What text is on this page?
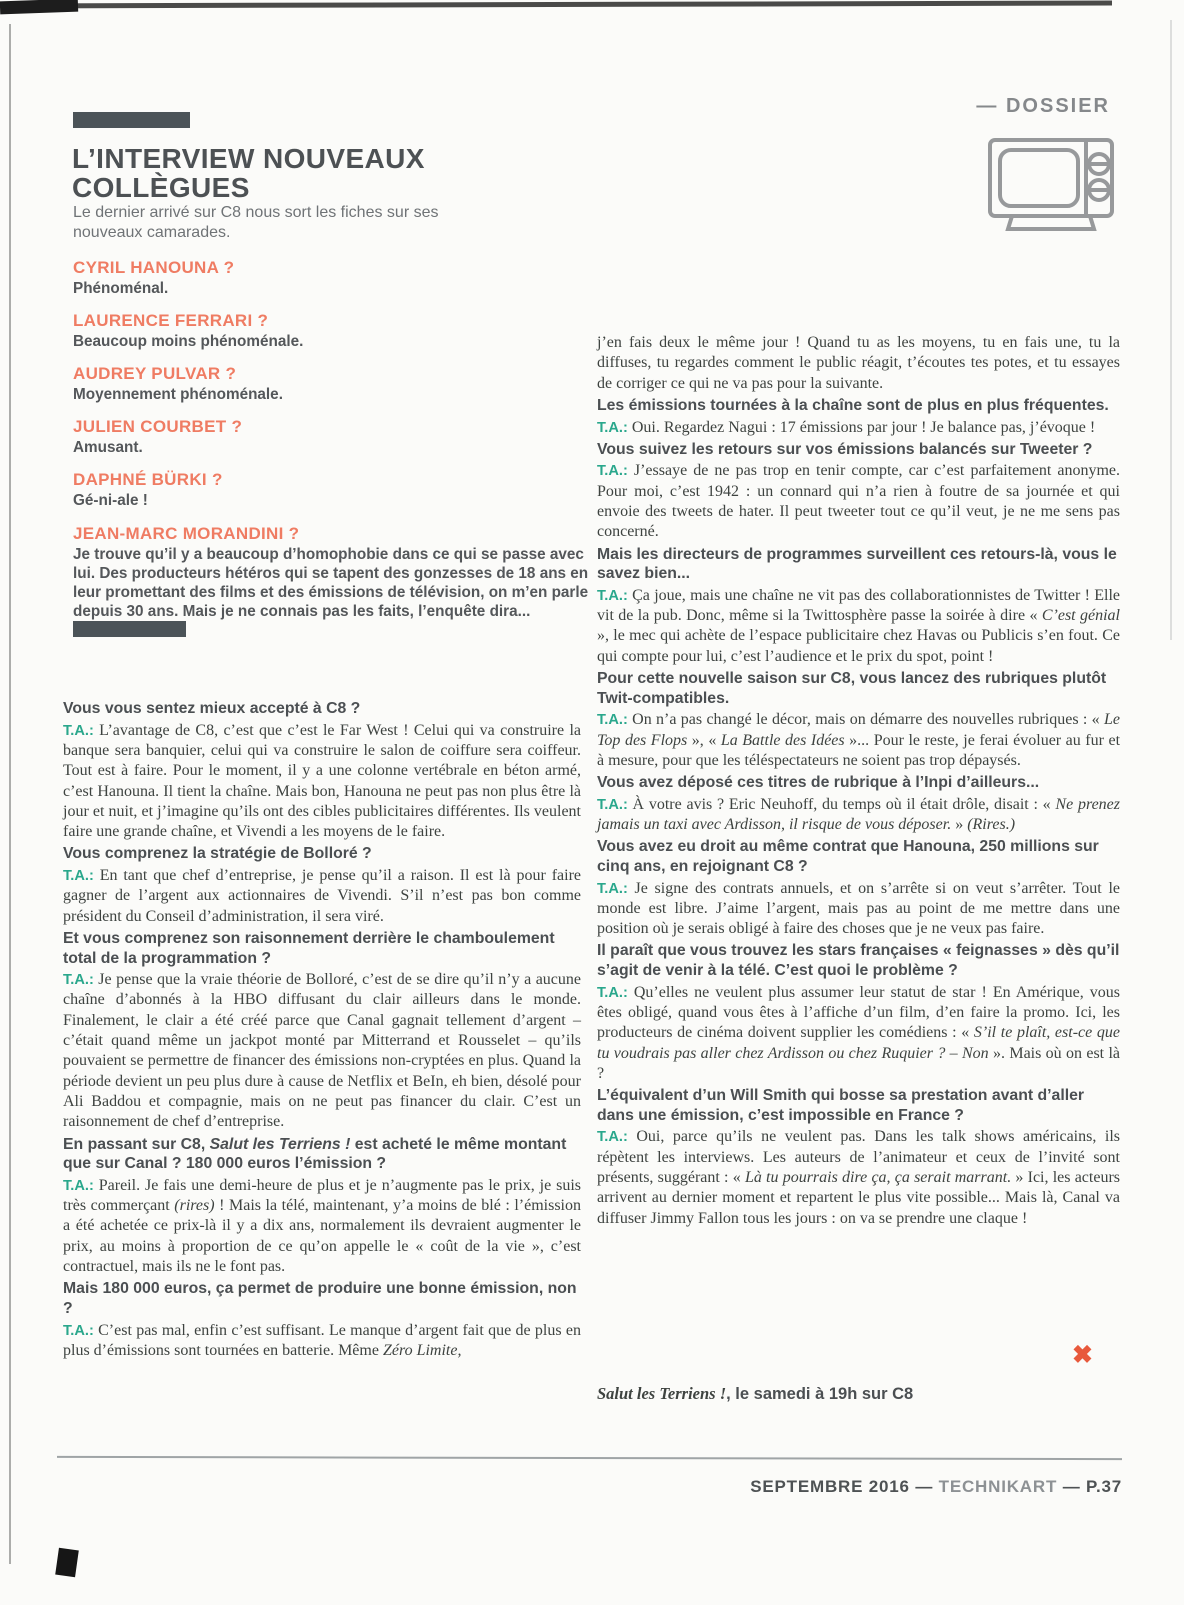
— DOSSIER
L’INTERVIEW NOUVEAUX COLLÈGUES

Le dernier arrivé sur C8 nous sort les fiches sur ses nouveaux camarades.

CYRIL HANOUNA ?

Phénoménal.

LAURENCE FERRARI ?

Beaucoup moins phénoménale.

AUDREY PULVAR ?

Moyennement phénoménale.

JULIEN COURBET ?

Amusant.

DAPHNÉ BÜRKI ?

Gé-ni-ale !

JEAN-MARC MORANDINI ?

Je trouve qu’il y a beaucoup d’homophobie dans ce qui se passe avec lui. Des producteurs hétéros qui se tapent des gonzesses de 18 ans en leur promettant des films et des émissions de télévision, on m’en parle depuis 30 ans. Mais je ne connais pas les faits, l’enquête dira...

Vous vous sentez mieux accepté à C8 ?

T.A.: L’avantage de C8, c’est que c’est le Far West ! Celui qui va construire la banque sera banquier, celui qui va construire le salon de coiffure sera coiffeur. Tout est à faire. Pour le moment, il y a une colonne vertébrale en béton armé, c’est Hanouna. Il tient la chaîne. Mais bon, Hanouna ne peut pas non plus être là jour et nuit, et j’imagine qu’ils ont des cibles publicitaires différentes. Ils veulent faire une grande chaîne, et Vivendi a les moyens de le faire.

Vous comprenez la stratégie de Bolloré ?

T.A.: En tant que chef d’entreprise, je pense qu’il a raison. Il est là pour faire gagner de l’argent aux actionnaires de Vivendi. S’il n’est pas bon comme président du Conseil d’administration, il sera viré.

Et vous comprenez son raisonnement derrière le chamboulement total de la programmation ?

T.A.: Je pense que la vraie théorie de Bolloré, c’est de se dire qu’il n’y a aucune chaîne d’abonnés à la HBO diffusant du clair ailleurs dans le monde. Finalement, le clair a été créé parce que Canal gagnait tellement d’argent – c’était quand même un jackpot monté par Mitterrand et Rousselet – qu’ils pouvaient se permettre de financer des émissions non-cryptées en plus. Quand la période devient un peu plus dure à cause de Netflix et BeIn, eh bien, désolé pour Ali Baddou et compagnie, mais on ne peut pas financer du clair. C’est un raisonnement de chef d’entreprise.

En passant sur C8, Salut les Terriens ! est acheté le même montant que sur Canal ? 180 000 euros l’émission ?

T.A.: Pareil. Je fais une demi-heure de plus et je n’augmente pas le prix, je suis très commerçant (rires) ! Mais la télé, maintenant, y’a moins de blé : l’émission a été achetée ce prix-là il y a dix ans, normalement ils devraient augmenter le prix, au moins à proportion de ce qu’on appelle le « coût de la vie », c’est contractuel, mais ils ne le font pas.

Mais 180 000 euros, ça permet de produire une bonne émission, non ?

T.A.: C’est pas mal, enfin c’est suffisant. Le manque d’argent fait que de plus en plus d’émissions sont tournées en batterie. Même Zéro Limite,

j’en fais deux le même jour ! Quand tu as les moyens, tu en fais une, tu la diffuses, tu regardes comment le public réagit, t’écoutes tes potes, et tu essayes de corriger ce qui ne va pas pour la suivante.

Les émissions tournées à la chaîne sont de plus en plus fréquentes.

T.A.: Oui. Regardez Nagui : 17 émissions par jour ! Je balance pas, j’évoque !

Vous suivez les retours sur vos émissions balancés sur Tweeter ?

T.A.: J’essaye de ne pas trop en tenir compte, car c’est parfaitement anonyme. Pour moi, c’est 1942 : un connard qui n’a rien à foutre de sa journée et qui envoie des tweets de hater. Il peut tweeter tout ce qu’il veut, je ne me sens pas concerné.

Mais les directeurs de programmes surveillent ces retours-là, vous le savez bien...

T.A.: Ça joue, mais une chaîne ne vit pas des collaborationnistes de Twitter ! Elle vit de la pub. Donc, même si la Twittosphère passe la soirée à dire « C’est génial », le mec qui achète de l’espace publicitaire chez Havas ou Publicis s’en fout. Ce qui compte pour lui, c’est l’audience et le prix du spot, point !

Pour cette nouvelle saison sur C8, vous lancez des rubriques plutôt Twit-compatibles.

T.A.: On n’a pas changé le décor, mais on démarre des nouvelles rubriques : « Le Top des Flops », « La Battle des Idées »... Pour le reste, je ferai évoluer au fur et à mesure, pour que les téléspectateurs ne soient pas trop dépaysés.

Vous avez déposé ces titres de rubrique à l’Inpi d’ailleurs...

T.A.: À votre avis ? Eric Neuhoff, du temps où il était drôle, disait : « Ne prenez jamais un taxi avec Ardisson, il risque de vous déposer. » (Rires.)

Vous avez eu droit au même contrat que Hanouna, 250 millions sur cinq ans, en rejoignant C8 ?

T.A.: Je signe des contrats annuels, et on s’arrête si on veut s’arrêter. Tout le monde est libre. J’aime l’argent, mais pas au point de me mettre dans une position où je serais obligé à faire des choses que je ne veux pas faire.

Il paraît que vous trouvez les stars françaises « feignasses » dès qu’il s’agit de venir à la télé. C’est quoi le problème ?

T.A.: Qu’elles ne veulent plus assumer leur statut de star ! En Amérique, vous êtes obligé, quand vous êtes à l’affiche d’un film, d’en faire la promo. Ici, les producteurs de cinéma doivent supplier les comédiens : « S’il te plaît, est-ce que tu voudrais pas aller chez Ardisson ou chez Ruquier ? – Non ». Mais où on est là ?

L’équivalent d’un Will Smith qui bosse sa prestation avant d’aller dans une émission, c’est impossible en France ?

T.A.: Oui, parce qu’ils ne veulent pas. Dans les talk shows américains, ils répètent les interviews. Les auteurs de l’animateur et ceux de l’invité sont présents, suggérant : « Là tu pourrais dire ça, ça serait marrant. » Ici, les acteurs arrivent au dernier moment et repartent le plus vite possible... Mais là, Canal va diffuser Jimmy Fallon tous les jours : on va se prendre une claque !

✖
Salut les Terriens !, le samedi à 19h sur C8
SEPTEMBRE 2016 — TECHNIKART — P.37
